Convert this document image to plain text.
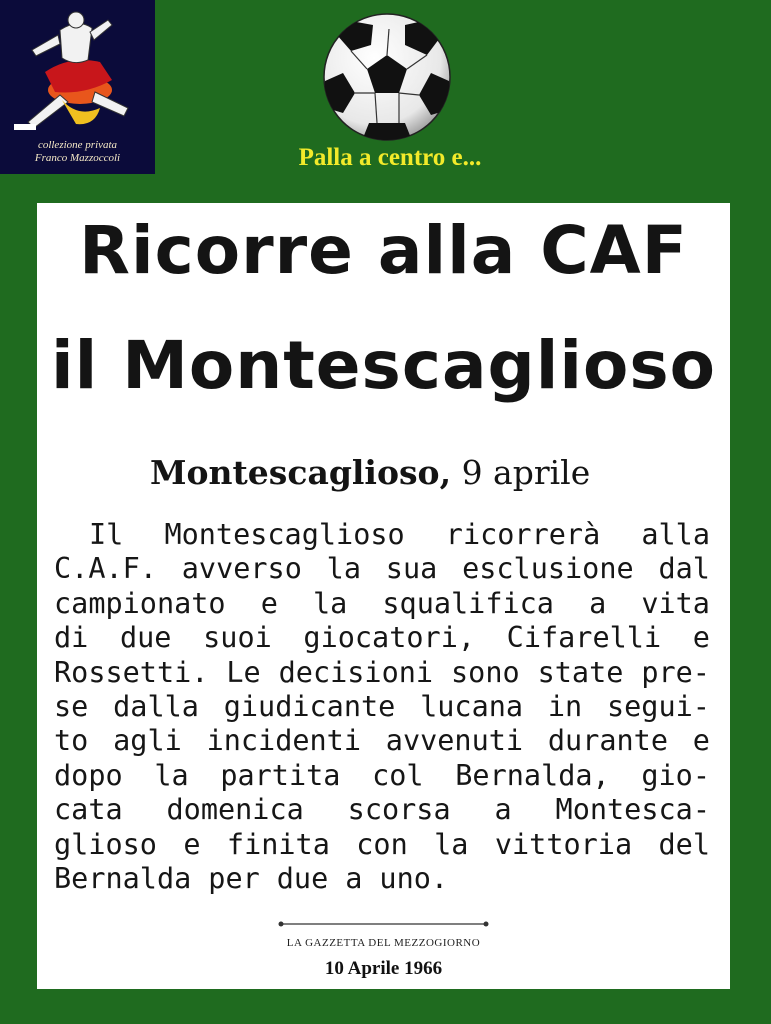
collezione privata
Franco Mazzoccoli	Palla a centro e...
Ricorre alla CAF
il Montescaglioso
Montescaglioso, 9 aprile
Il Montescaglioso ricorrerà alla
C.A.F. avverso la sua esclusione dal
campionato e la squalifica a vita
di due suoi giocatori, Cifarelli e
Rossetti. Le decisioni sono state pre-
se dalla giudicante lucana in segui-
to agli incidenti avvenuti durante e
dopo la partita col Bernalda, gio-
cata domenica scorsa a Montesca-
glioso e finita con la vittoria del
Bernalda per due a uno.
LA GAZZETTA DEL MEZZOGIORNO
10 Aprile 1966
